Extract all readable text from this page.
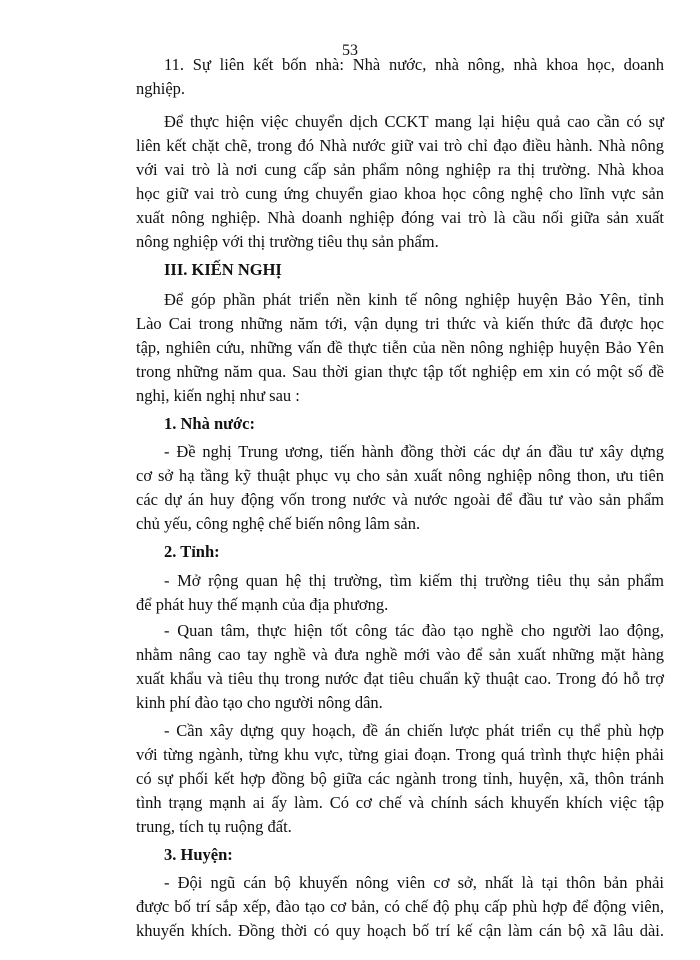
53
11. Sự liên kết bốn nhà: Nhà nước, nhà nông, nhà khoa học, doanh
nghiệp.
Để thực hiện việc chuyển dịch CCKT mang lại hiệu quả cao cần có sự
liên kết chặt chẽ, trong đó Nhà nước giữ vai trò chỉ đạo điều hành. Nhà nông
với vai trò là nơi cung cấp sản phẩm nông nghiệp ra thị trường. Nhà khoa
học giữ vai trò cung ứng chuyển giao khoa học công nghệ cho lĩnh vực sản
xuất nông nghiệp. Nhà doanh nghiệp đóng vai trò là cầu nối giữa sản xuất
nông nghiệp với thị trường tiêu thụ sản phẩm.
III. KIẾN NGHỊ
Để góp phần phát triển nền kinh tế nông nghiệp huyện Bảo Yên, tỉnh
Lào Cai trong những năm tới, vận dụng tri thức và kiến thức đã được học
tập, nghiên cứu, những vấn đề thực tiễn của nền nông nghiệp huyện Bảo Yên
trong những năm qua. Sau thời gian thực tập tốt nghiệp em xin có một số đề
nghị, kiến nghị như sau :
1. Nhà nước:
- Đề nghị Trung ương, tiến hành đồng thời các dự án đầu tư xây dựng
cơ sở hạ tầng kỹ thuật phục vụ cho sản xuất nông nghiệp nông thon, ưu tiên
các dự án huy động vốn trong nước và nước ngoài để đầu tư vào sản phẩm
chủ yếu, công nghệ chế biến nông lâm sản.
2. Tỉnh:
- Mở rộng quan hệ thị trường, tìm kiếm thị trường tiêu thụ sản phẩm
để phát huy thế mạnh của địa phương.
- Quan tâm, thực hiện tốt công tác đào tạo nghề cho người lao động,
nhằm nâng cao tay nghề và đưa nghề mới vào để sản xuất những mặt hàng
xuất khẩu và tiêu thụ trong nước đạt tiêu chuẩn kỹ thuật cao. Trong đó hỗ trợ
kinh phí đào tạo cho người nông dân.
- Cần xây dựng quy hoạch, đề án chiến lược phát triển cụ thể phù hợp
với từng ngành, từng khu vực, từng giai đoạn. Trong quá trình thực hiện phải
có sự phối kết hợp đồng bộ giữa các ngành trong tỉnh, huyện, xã, thôn tránh
tình trạng mạnh ai ấy làm. Có cơ chế và chính sách khuyến khích việc tập
trung, tích tụ ruộng đất.
3. Huyện:
- Đội ngũ cán bộ khuyến nông viên cơ sở, nhất là tại thôn bản phải
được bố trí sắp xếp, đào tạo cơ bản, có chế độ phụ cấp phù hợp để động viên,
khuyến khích. Đồng thời có quy hoạch bố trí kế cận làm cán bộ xã lâu dài.
